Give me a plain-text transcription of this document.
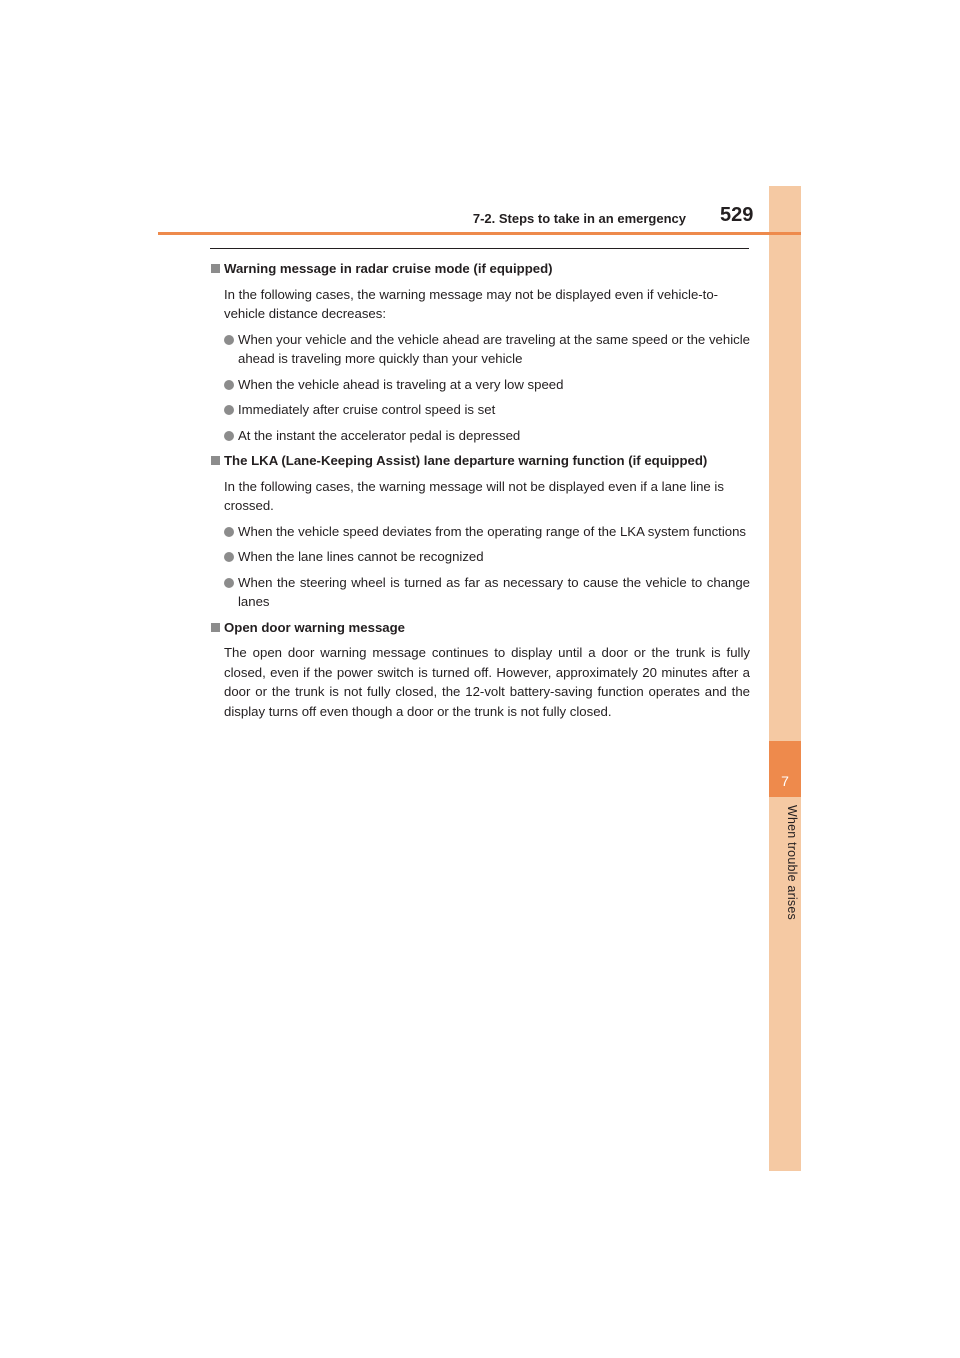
7
When trouble arises
7-2. Steps to take in an emergency 529

Warning message in radar cruise mode (if equipped)

In the following cases, the warning message may not be displayed even if vehicle-to-vehicle distance decreases:

When your vehicle and the vehicle ahead are traveling at the same speed or the vehicle ahead is traveling more quickly than your vehicle

When the vehicle ahead is traveling at a very low speed

Immediately after cruise control speed is set

At the instant the accelerator pedal is depressed

The LKA (Lane-Keeping Assist) lane departure warning function (if equipped)

In the following cases, the warning message will not be displayed even if a lane line is crossed.

When the vehicle speed deviates from the operating range of the LKA system functions

When the lane lines cannot be recognized

When the steering wheel is turned as far as necessary to cause the vehicle to change lanes

Open door warning message

The open door warning message continues to display until a door or the trunk is fully closed, even if the power switch is turned off. However, approximately 20 minutes after a door or the trunk is not fully closed, the 12-volt battery-saving function operates and the display turns off even though a door or the trunk is not fully closed.
